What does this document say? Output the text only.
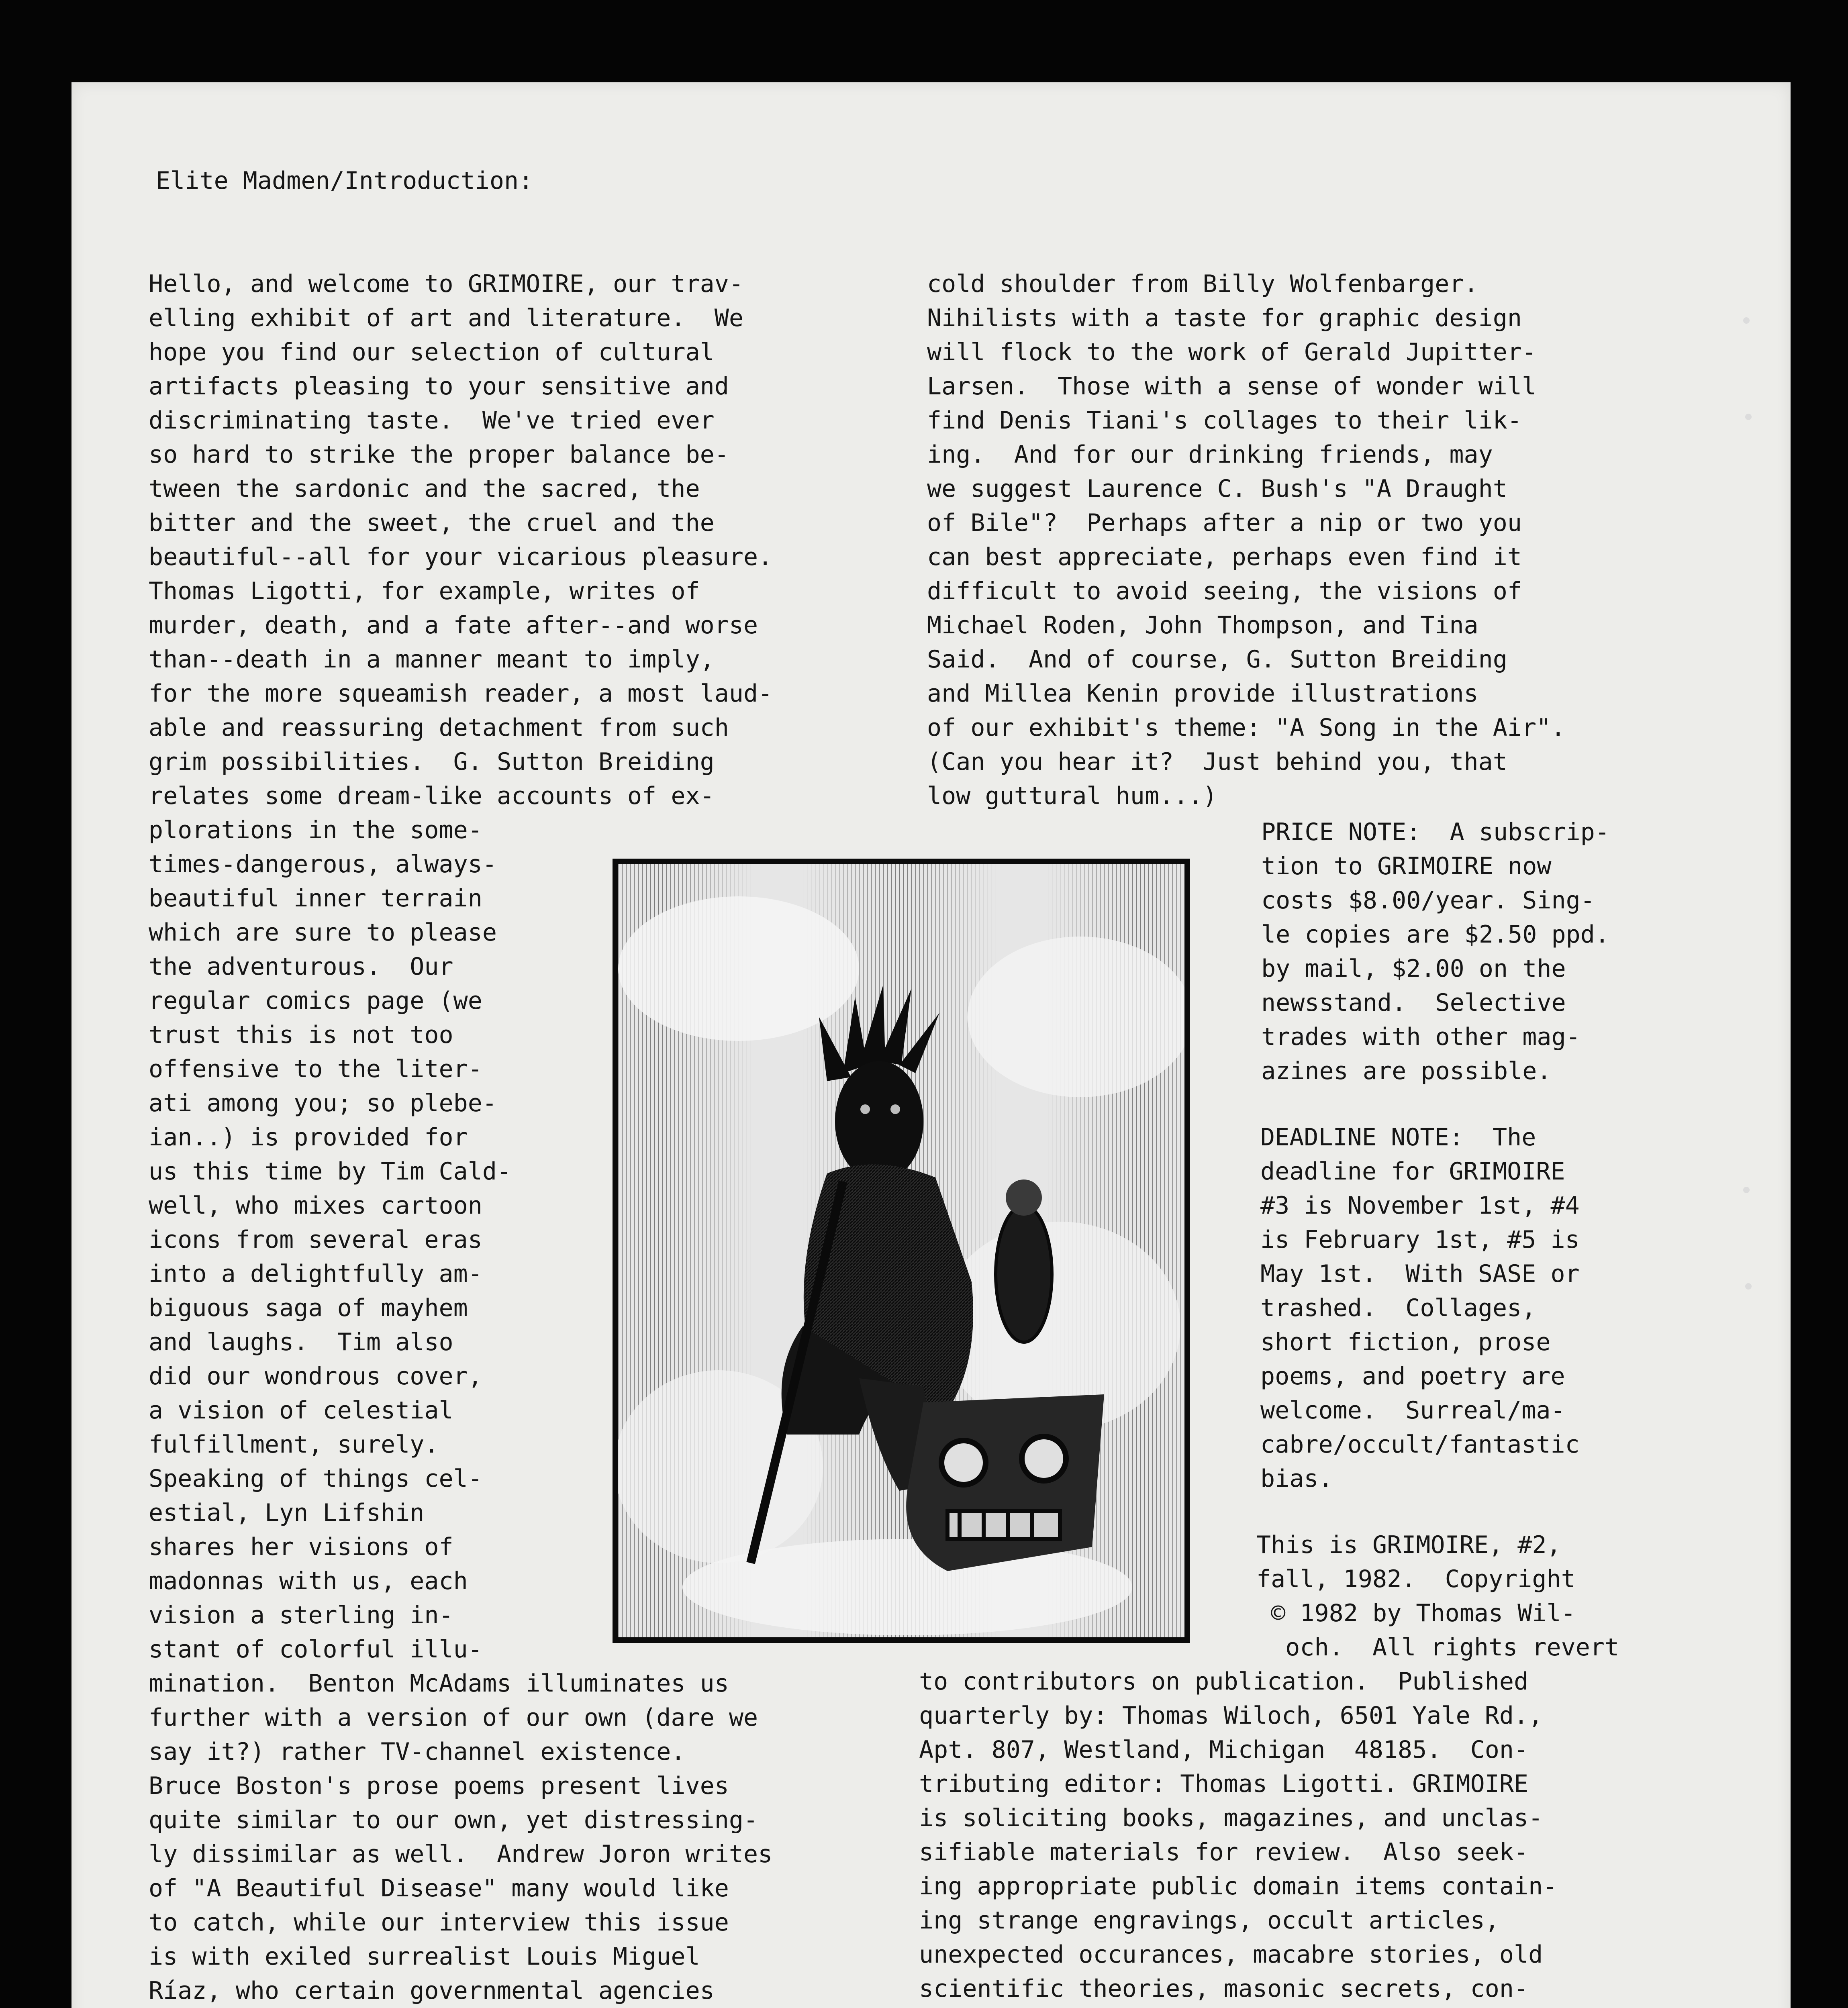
Elite Madmen/Introduction:

Hello, and welcome to GRIMOIRE, our trav-
elling exhibit of art and literature.  We
hope you find our selection of cultural
artifacts pleasing to your sensitive and
discriminating taste.  We've tried ever
so hard to strike the proper balance be-
tween the sardonic and the sacred, the
bitter and the sweet, the cruel and the
beautiful--all for your vicarious pleasure.
Thomas Ligotti, for example, writes of
murder, death, and a fate after--and worse
than--death in a manner meant to imply,
for the more squeamish reader, a most laud-
able and reassuring detachment from such
grim possibilities.  G. Sutton Breiding
relates some dream-like accounts of ex-
plorations in the some-
times-dangerous, always-
beautiful inner terrain
which are sure to please
the adventurous.  Our
regular comics page (we
trust this is not too
offensive to the liter-
ati among you; so plebe-
ian..) is provided for
us this time by Tim Cald-
well, who mixes cartoon
icons from several eras
into a delightfully am-
biguous saga of mayhem
and laughs.  Tim also
did our wondrous cover,
a vision of celestial
fulfillment, surely.
Speaking of things cel-
estial, Lyn Lifshin
shares her visions of
madonnas with us, each
vision a sterling in-
stant of colorful illu-
mination.  Benton McAdams illuminates us
further with a version of our own (dare we
say it?) rather TV-channel existence.
Bruce Boston's prose poems present lives
quite similar to our own, yet distressing-
ly dissimilar as well.  Andrew Joron writes
of "A Beautiful Disease" many would like
to catch, while our interview this issue
is with exiled surrealist Louis Miguel
Ríaz, who certain governmental agencies

cold shoulder from Billy Wolfenbarger.
Nihilists with a taste for graphic design
will flock to the work of Gerald Jupitter-
Larsen.  Those with a sense of wonder will
find Denis Tiani's collages to their lik-
ing.  And for our drinking friends, may
we suggest Laurence C. Bush's "A Draught
of Bile"?  Perhaps after a nip or two you
can best appreciate, perhaps even find it
difficult to avoid seeing, the visions of
Michael Roden, John Thompson, and Tina
Said.  And of course, G. Sutton Breiding
and Millea Kenin provide illustrations
of our exhibit's theme: "A Song in the Air".
(Can you hear it?  Just behind you, that
low guttural hum...)

PRICE NOTE:  A subscrip-
tion to GRIMOIRE now
costs $8.00/year. Sing-
le copies are $2.50 ppd.
by mail, $2.00 on the
newsstand.  Selective
trades with other mag-
azines are possible.

DEADLINE NOTE:  The
deadline for GRIMOIRE
#3 is November 1st, #4
is February 1st, #5 is
May 1st.  With SASE or
trashed.  Collages,
short fiction, prose
poems, and poetry are
welcome.  Surreal/ma-
cabre/occult/fantastic
bias.

This is GRIMOIRE, #2,
fall, 1982.  Copyright
© 1982 by Thomas Wil-
och.  All rights revert

to contributors on publication.  Published
quarterly by: Thomas Wiloch, 6501 Yale Rd.,
Apt. 807, Westland, Michigan  48185.  Con-
tributing editor: Thomas Ligotti. GRIMOIRE
is soliciting books, magazines, and unclas-
sifiable materials for review.  Also seek-
ing appropriate public domain items contain-
ing strange engravings, occult articles,
unexpected occurances, macabre stories, old
scientific theories, masonic secrets, con-
